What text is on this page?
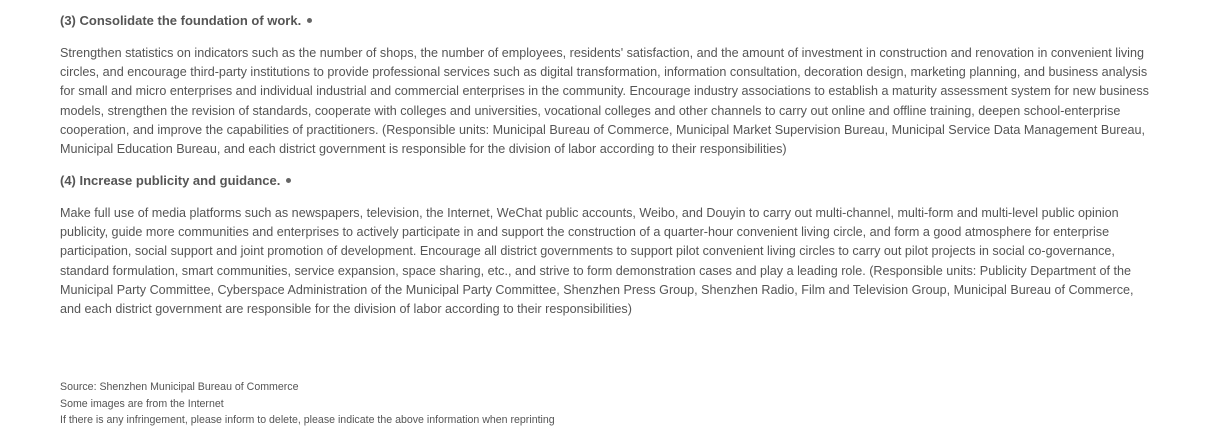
(3) Consolidate the foundation of work.

Strengthen statistics on indicators such as the number of shops, the number of employees, residents' satisfaction, and the amount of investment in construction and renovation in convenient living circles, and encourage third-party institutions to provide professional services such as digital transformation, information consultation, decoration design, marketing planning, and business analysis for small and micro enterprises and individual industrial and commercial enterprises in the community. Encourage industry associations to establish a maturity assessment system for new business models, strengthen the revision of standards, cooperate with colleges and universities, vocational colleges and other channels to carry out online and offline training, deepen school-enterprise cooperation, and improve the capabilities of practitioners. (Responsible units: Municipal Bureau of Commerce, Municipal Market Supervision Bureau, Municipal Service Data Management Bureau, Municipal Education Bureau, and each district government is responsible for the division of labor according to their responsibilities)

(4) Increase publicity and guidance.

Make full use of media platforms such as newspapers, television, the Internet, WeChat public accounts, Weibo, and Douyin to carry out multi-channel, multi-form and multi-level public opinion publicity, guide more communities and enterprises to actively participate in and support the construction of a quarter-hour convenient living circle, and form a good atmosphere for enterprise participation, social support and joint promotion of development. Encourage all district governments to support pilot convenient living circles to carry out pilot projects in social co-governance, standard formulation, smart communities, service expansion, space sharing, etc., and strive to form demonstration cases and play a leading role. (Responsible units: Publicity Department of the Municipal Party Committee, Cyberspace Administration of the Municipal Party Committee, Shenzhen Press Group, Shenzhen Radio, Film and Television Group, Municipal Bureau of Commerce, and each district government are responsible for the division of labor according to their responsibilities)

Source: Shenzhen Municipal Bureau of Commerce
Some images are from the Internet
If there is any infringement, please inform to delete, please indicate the above information when reprinting
